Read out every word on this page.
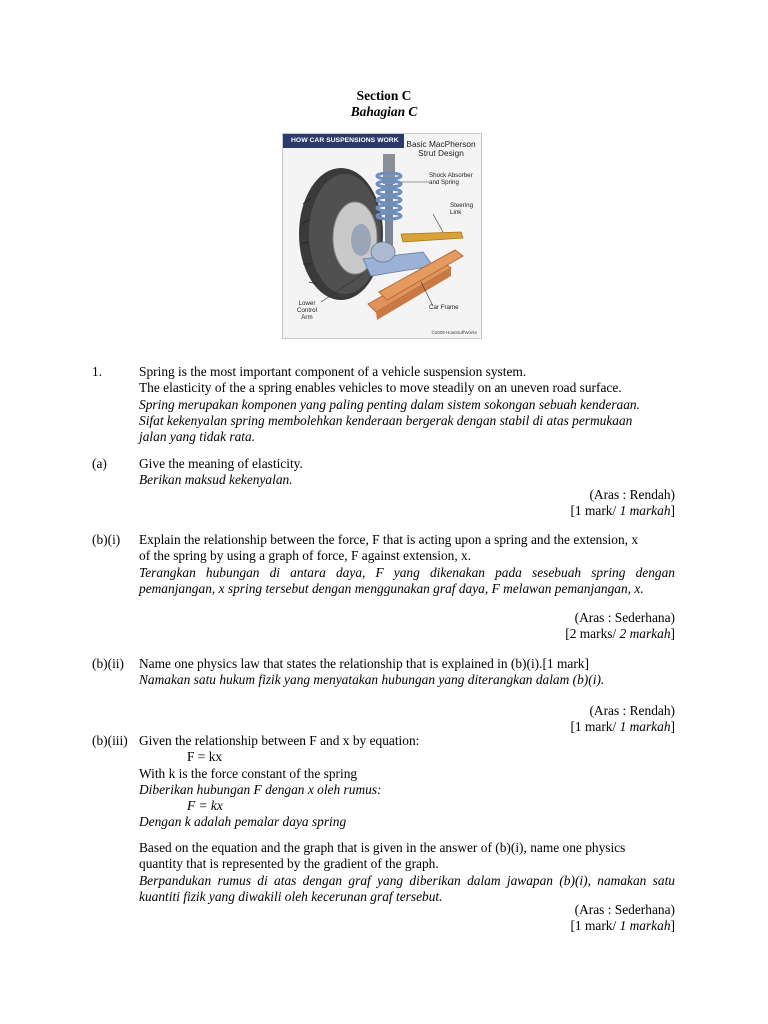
Section C
Bahagian C
HOW CAR SUSPENSIONS WORK Basic MacPherson
Strut Design
Shock Absorber
and Spring
Steering
Link
Lower
Control
Arm
Car Frame
©2005 HowStuffWorks
1.	Spring is the most important component of a vehicle suspension system.
The elasticity of the a spring enables vehicles to move steadily on an uneven road surface.
Spring merupakan komponen yang paling penting dalam sistem sokongan sebuah kenderaan.
Sifat kekenyalan spring membolehkan kenderaan bergerak dengan stabil di atas permukaan
jalan yang tidak rata.
(a) Give the meaning of elasticity.
Berikan maksud kekenyalan.
(Aras : Rendah)
[1 mark/ 1 markah]
(b)(i) Explain the relationship between the force, F that is acting upon a spring and the extension, x
of the spring by using a graph of force, F against extension, x.
Terangkan hubungan di antara daya, F yang dikenakan pada sesebuah spring dengan
pemanjangan, x spring tersebut dengan menggunakan graf daya, F melawan pemanjangan, x.
(Aras : Sederhana)
[2 marks/ 2 markah]
(b)(ii) Name one physics law that states the relationship that is explained in (b)(i).[1 mark]
Namakan satu hukum fizik yang menyatakan hubungan yang diterangkan dalam (b)(i).
(Aras : Rendah)
[1 mark/ 1 markah]
(b)(iii) Given the relationship between F and x by equation:
F = kx
With k is the force constant of the spring
Diberikan hubungan F dengan x oleh rumus:
F = kx
Dengan k adalah pemalar daya spring
Based on the equation and the graph that is given in the answer of (b)(i), name one physics
quantity that is represented by the gradient of the graph.
Berpandukan rumus di atas dengan graf yang diberikan dalam jawapan (b)(i), namakan satu
kuantiti fizik yang diwakili oleh kecerunan graf tersebut.
(Aras : Sederhana)
[1 mark/ 1 markah]
